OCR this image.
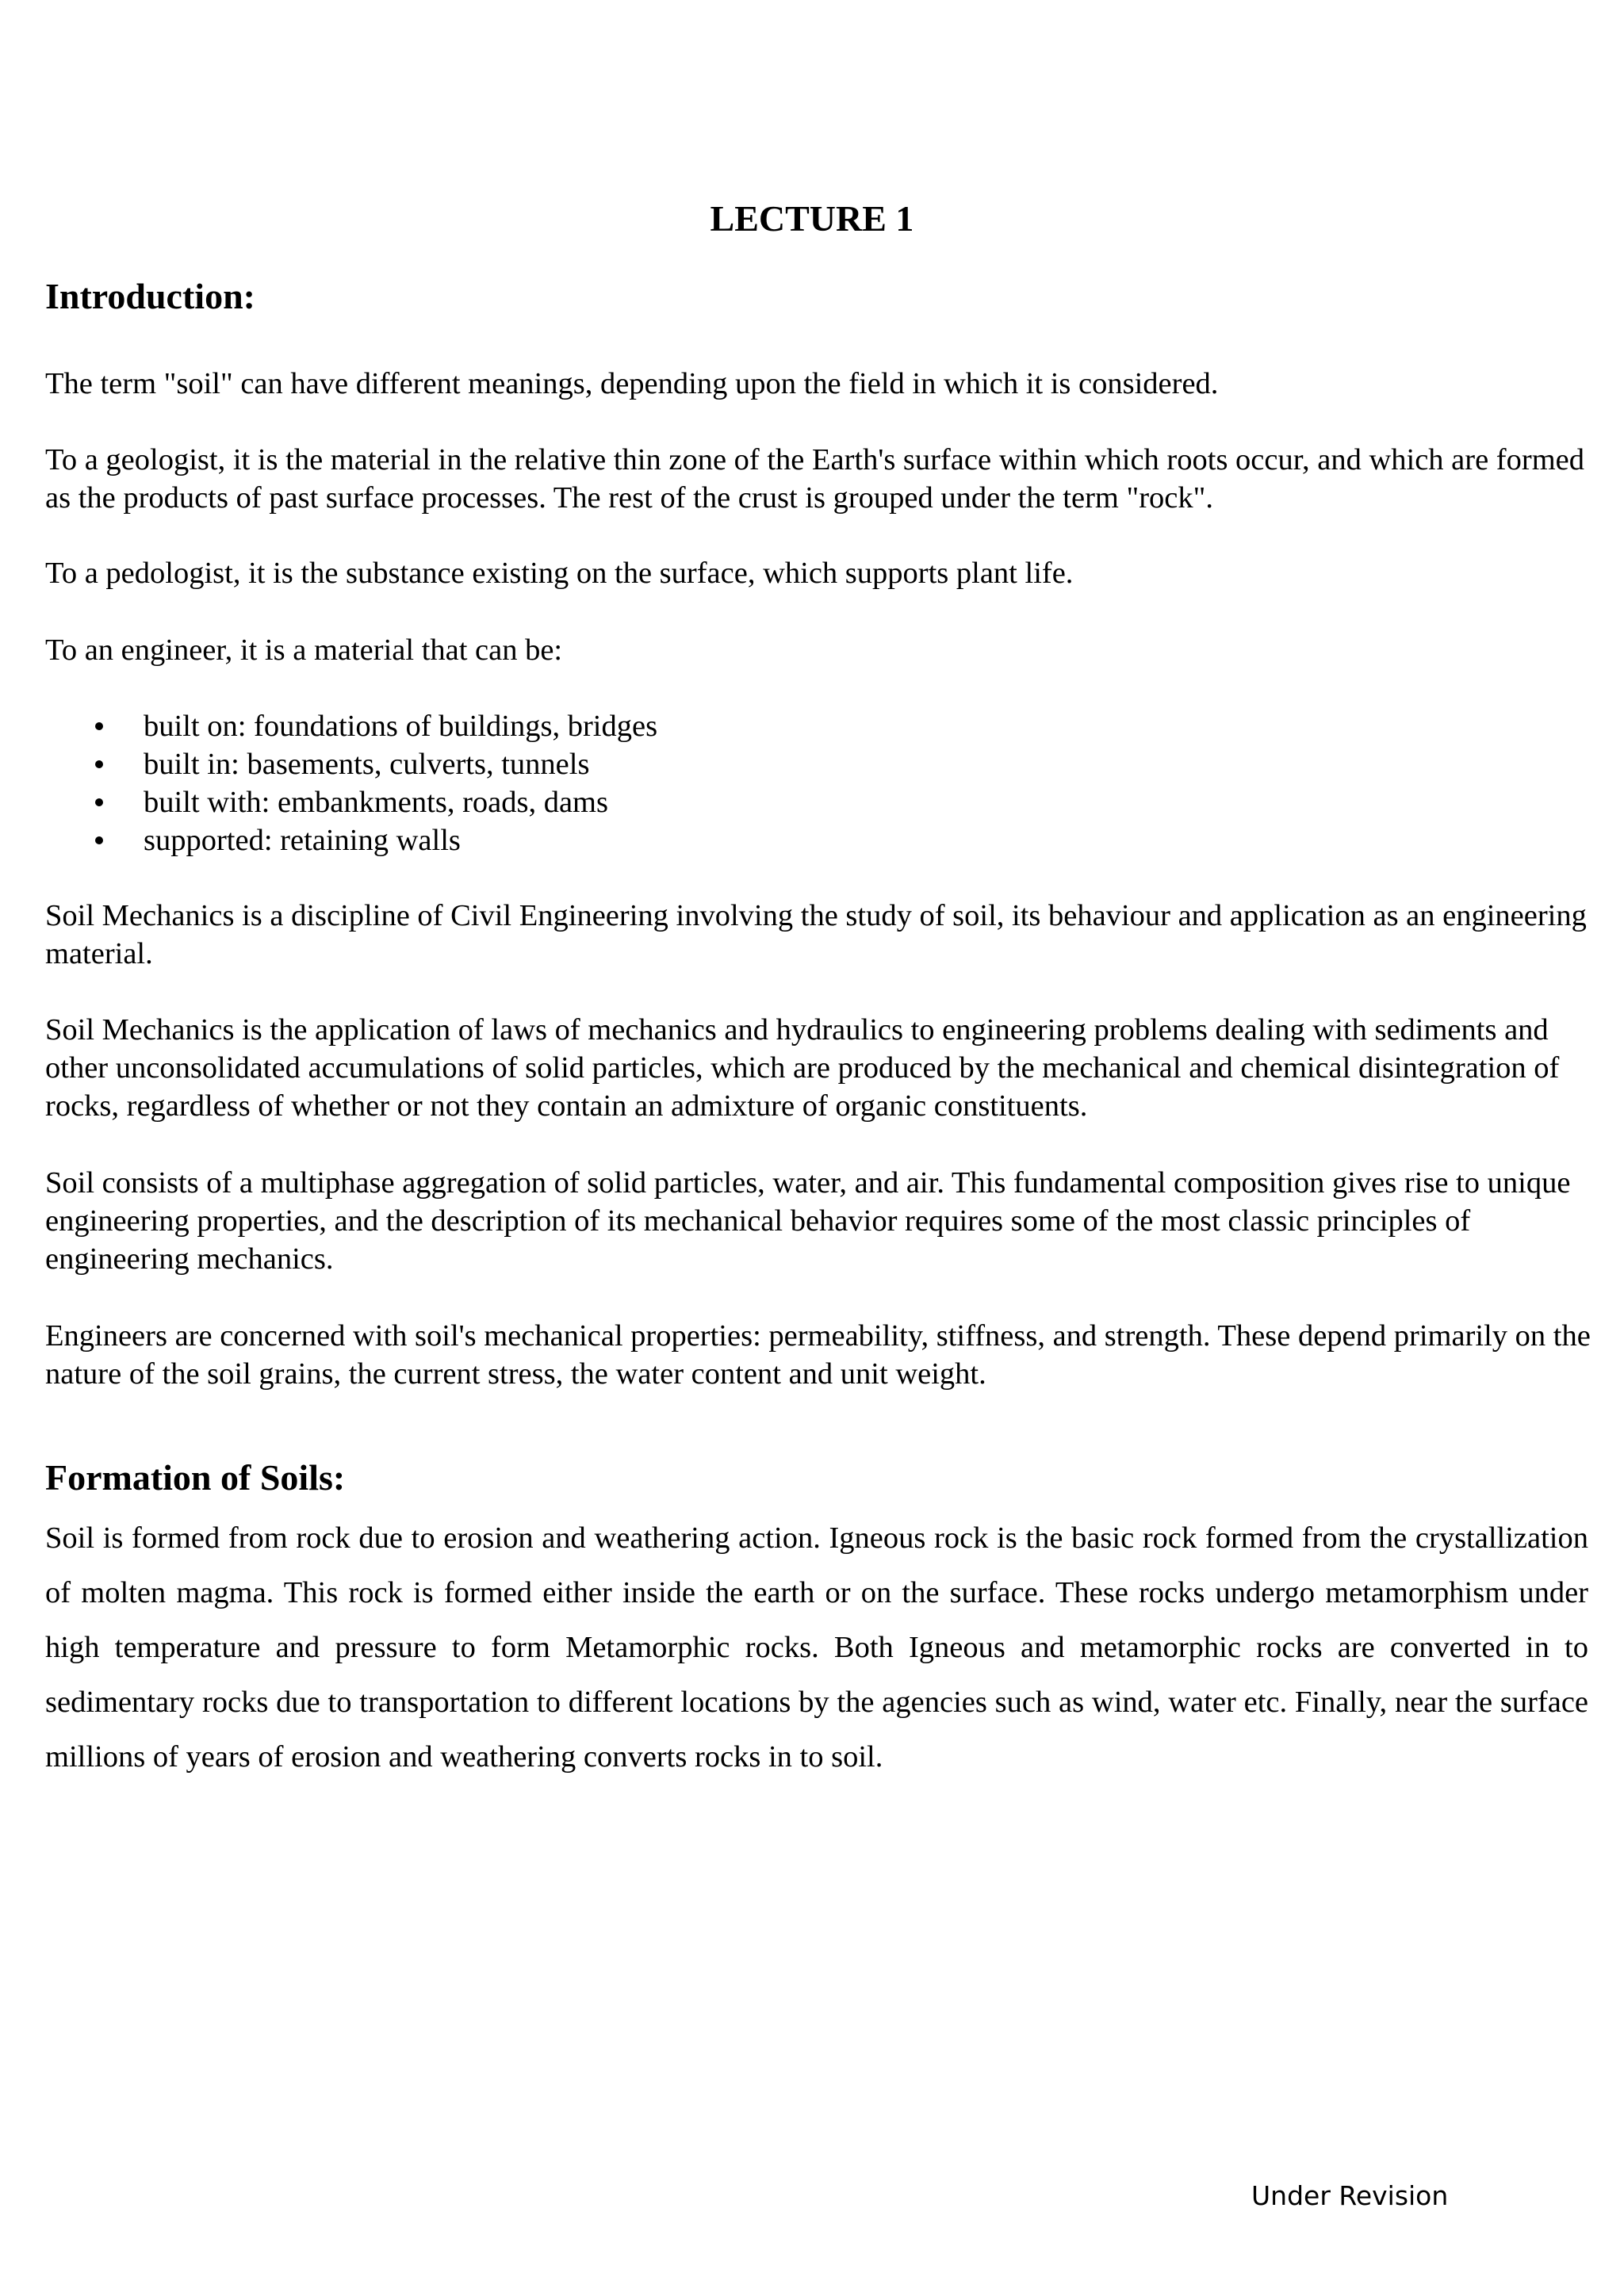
LECTURE 1
Introduction:

The term "soil" can have different meanings, depending upon the field in which it is considered.

To a geologist, it is the material in the relative thin zone of the Earth's surface within which roots occur, and which are formed as the products of past surface processes. The rest of the crust is grouped under the term "rock".

To a pedologist, it is the substance existing on the surface, which supports plant life.

To an engineer, it is a material that can be:

built on: foundations of buildings, bridges
built in: basements, culverts, tunnels
built with: embankments, roads, dams
supported: retaining walls

Soil Mechanics is a discipline of Civil Engineering involving the study of soil, its behaviour and application as an engineering material.

Soil Mechanics is the application of laws of mechanics and hydraulics to engineering problems dealing with sediments and other unconsolidated accumulations of solid particles, which are produced by the mechanical and chemical disintegration of rocks, regardless of whether or not they contain an admixture of organic constituents.

Soil consists of a multiphase aggregation of solid particles, water, and air. This fundamental composition gives rise to unique engineering properties, and the description of its mechanical behavior requires some of the most classic principles of engineering mechanics.

Engineers are concerned with soil's mechanical properties: permeability, stiffness, and strength. These depend primarily on the nature of the soil grains, the current stress, the water content and unit weight.

Formation of Soils:

Soil is formed from rock due to erosion and weathering action. Igneous rock is the basic rock formed from the crystallization of molten magma. This rock is formed either inside the earth or on the surface. These rocks undergo metamorphism under high temperature and pressure to form Metamorphic rocks. Both Igneous and metamorphic rocks are converted in to sedimentary rocks due to transportation to different locations by the agencies such as wind, water etc. Finally, near the surface millions of years of erosion and weathering converts rocks in to soil.

Under Revision
